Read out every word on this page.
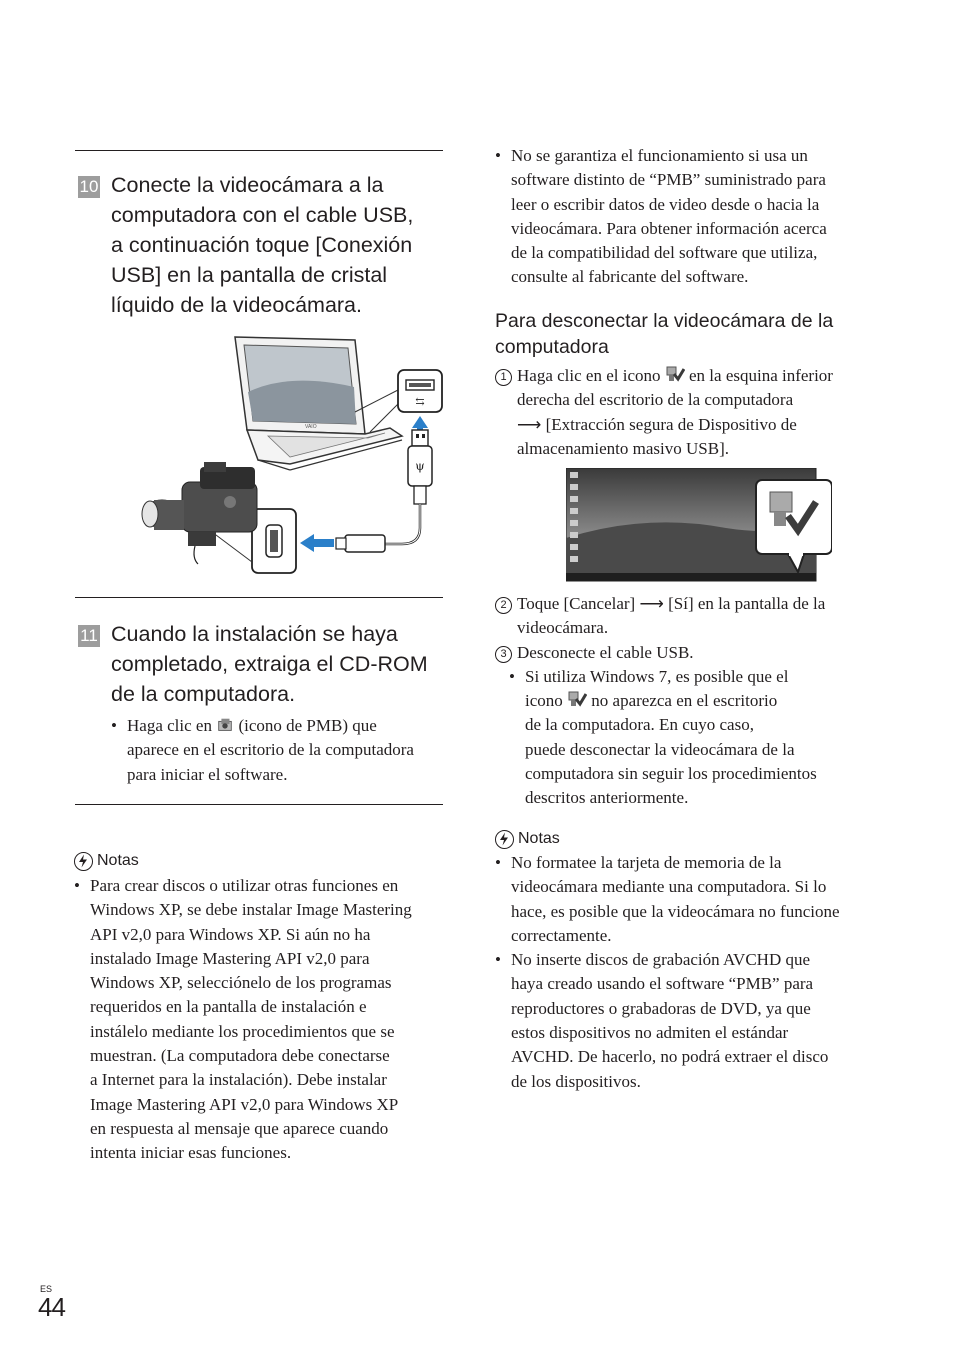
10 Conecte la videocámara a la
computadora con el cable USB,
a continuación toque [Conexión
USB] en la pantalla de cristal
líquido de la videocámara.
VAIO
⇆
ψ
11 Cuando la instalación se haya
completado, extraiga el CD-ROM
de la computadora.
• Haga clic en (icono de PMB) que
aparece en el escritorio de la computadora
para iniciar el software.
Notas
• Para crear discos o utilizar otras funciones en
Windows XP, se debe instalar Image Mastering
API v2,0 para Windows XP. Si aún no ha
instalado Image Mastering API v2,0 para
Windows XP, selecciónelo de los programas
requeridos en la pantalla de instalación e
instálelo mediante los procedimientos que se
muestran. (La computadora debe conectarse
a Internet para la instalación). Debe instalar
Image Mastering API v2,0 para Windows XP
en respuesta al mensaje que aparece cuando
intenta iniciar esas funciones.
• No se garantiza el funcionamiento si usa un
software distinto de “PMB” suministrado para
leer o escribir datos de video desde o hacia la
videocámara. Para obtener información acerca
de la compatibilidad del software que utiliza,
consulte al fabricante del software.
Para desconectar la videocámara de la
computadora
1 Haga clic en el icono en la esquina inferior
derecha del escritorio de la computadora
⟶ [Extracción segura de Dispositivo de
almacenamiento masivo USB].
2 Toque [Cancelar] ⟶ [Sí] en la pantalla de la
videocámara.
3 Desconecte el cable USB.
• Si utiliza Windows 7, es posible que el
icono no aparezca en el escritorio
de la computadora. En cuyo caso,
puede desconectar la videocámara de la
computadora sin seguir los procedimientos
descritos anteriormente.
Notas
• No formatee la tarjeta de memoria de la
videocámara mediante una computadora. Si lo
hace, es posible que la videocámara no funcione
correctamente.
• No inserte discos de grabación AVCHD que
haya creado usando el software “PMB” para
reproductores o grabadoras de DVD, ya que
estos dispositivos no admiten el estándar
AVCHD. De hacerlo, no podrá extraer el disco
de los dispositivos.
ES
44
